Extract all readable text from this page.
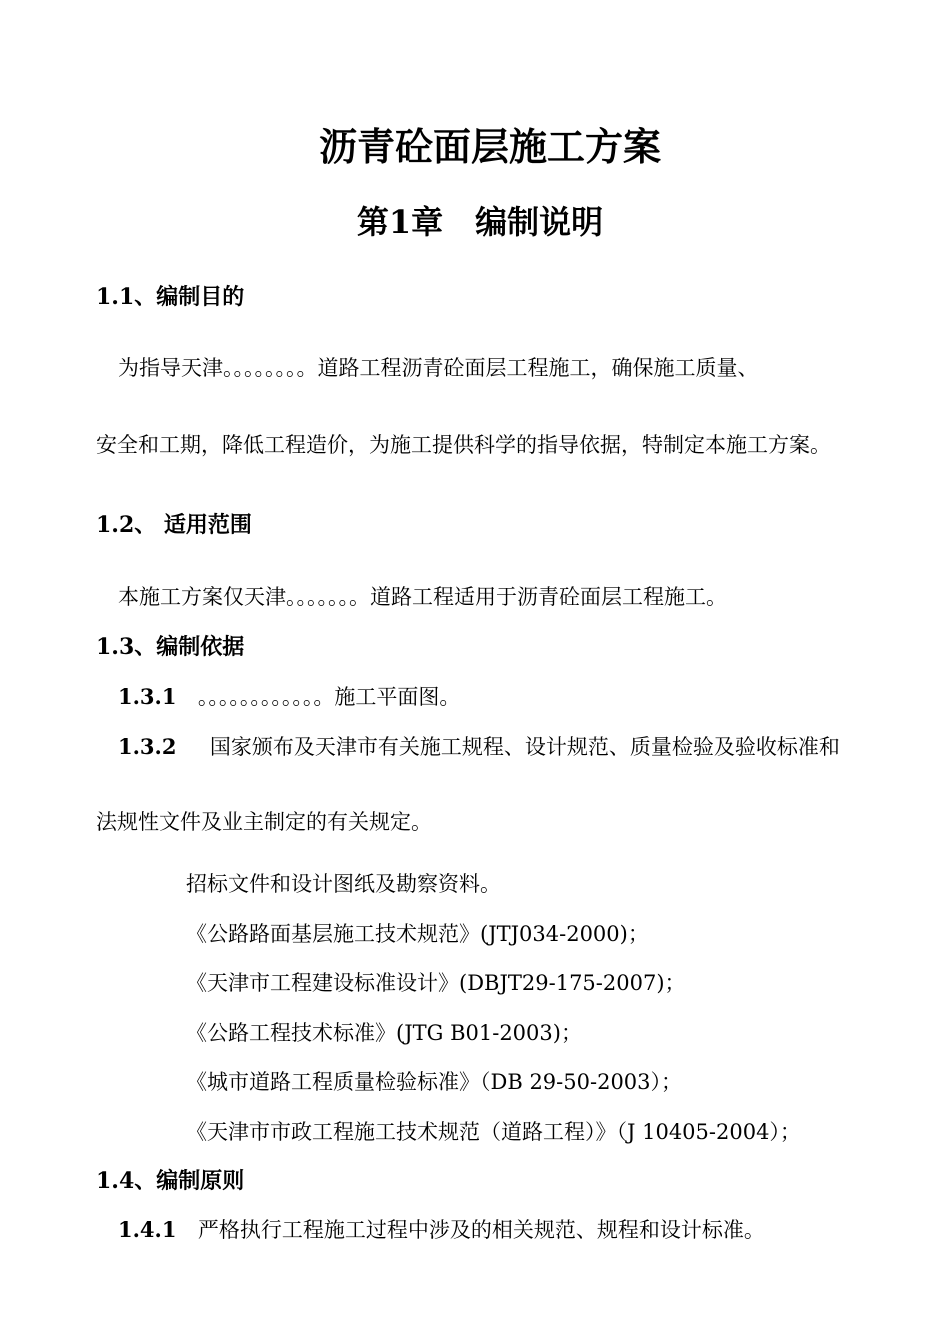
沥青砼面层施工方案
第1章　编制说明
1.1、编制目的
为指导天津。。。。。。。。道路工程沥青砼面层工程施工，确保施工质量、
安全和工期，降低工程造价，为施工提供科学的指导依据，特制定本施工方案。
1.2、 适用范围
本施工方案仅天津。。。。。。。道路工程适用于沥青砼面层工程施工。
1.3、编制依据
1.3.1 。。。。。。。。。。。。施工平面图。
1.3.2 国家颁布及天津市有关施工规程、设计规范、质量检验及验收标准和
法规性文件及业主制定的有关规定。
招标文件和设计图纸及勘察资料。
《公路路面基层施工技术规范》(JTJ034-2000)；
《天津市工程建设标准设计》(DBJT29-175-2007)；
《公路工程技术标准》(JTG B01-2003)；
《城市道路工程质量检验标准》（DB 29-50-2003）；
《天津市市政工程施工技术规范（道路工程）》（J 10405-2004）；
1.4、编制原则
1.4.1 严格执行工程施工过程中涉及的相关规范、规程和设计标准。
